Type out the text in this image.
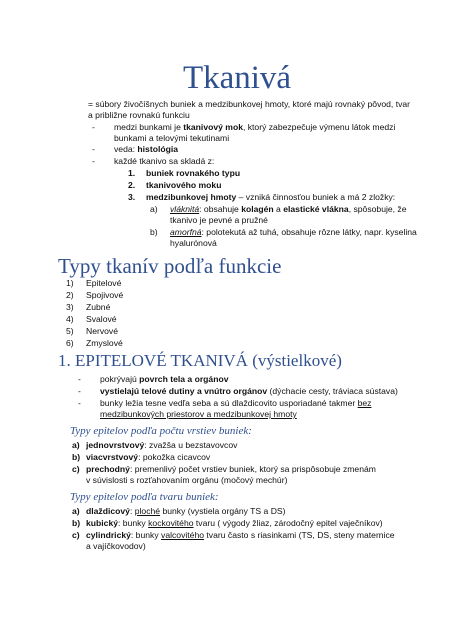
Tkanivá
= súbory živočíšnych buniek a medzibunkovej hmoty, ktoré majú rovnaký pôvod, tvar
a približne rovnakú funkciu
- medzi bunkami je tkanivový mok, ktorý zabezpečuje výmenu látok medzi
bunkami a telovými tekutinami
- veda: histológia
- každé tkanivo sa skladá z:
1. buniek rovnakého typu
2. tkanivového moku
3. medzibunkovej hmoty – vzniká činnosťou buniek a má 2 zložky:
a) vláknitá: obsahuje kolagén a elastické vlákna, spôsobuje, že
tkanivo je pevné a pružné
b) amorfná: polotekutá až tuhá, obsahuje rôzne látky, napr. kyselina
hyalurónová
Typy tkanív podľa funkcie
1) Epitelové
2) Spojivové
3) Zubné
4) Svalové
5) Nervové
6) Zmyslové
1. EPITELOVÉ TKANIVÁ (výstielkové)
- pokrývajú povrch tela a orgánov
- vystielajú telové dutiny a vnútro orgánov (dýchacie cesty, tráviaca sústava)
- bunky ležia tesne vedľa seba a sú dlaždicovito usporiadané takmer bez
medzibunkových priestorov a medzibunkovej hmoty
Typy epitelov podľa počtu vrstiev buniek:
a) jednovrstvový: zvažša u bezstavovcov
b) viacvrstvový: pokožka cicavcov
c) prechodný: premenlivý počet vrstiev buniek, ktorý sa prispôsobuje zmenám
v súvislosti s rozťahovaním orgánu (močový mechúr)
Typy epitelov podľa tvaru buniek:
a) dlaždicový: ploché bunky (vystiela orgány TS a DS)
b) kubický: bunky kockovitého tvaru ( výgody žliaz, zárodočný epitel vaječníkov)
c) cylindrický: bunky valcovitého tvaru často s riasinkami (TS, DS, steny maternice
a vajíčkovodov)
